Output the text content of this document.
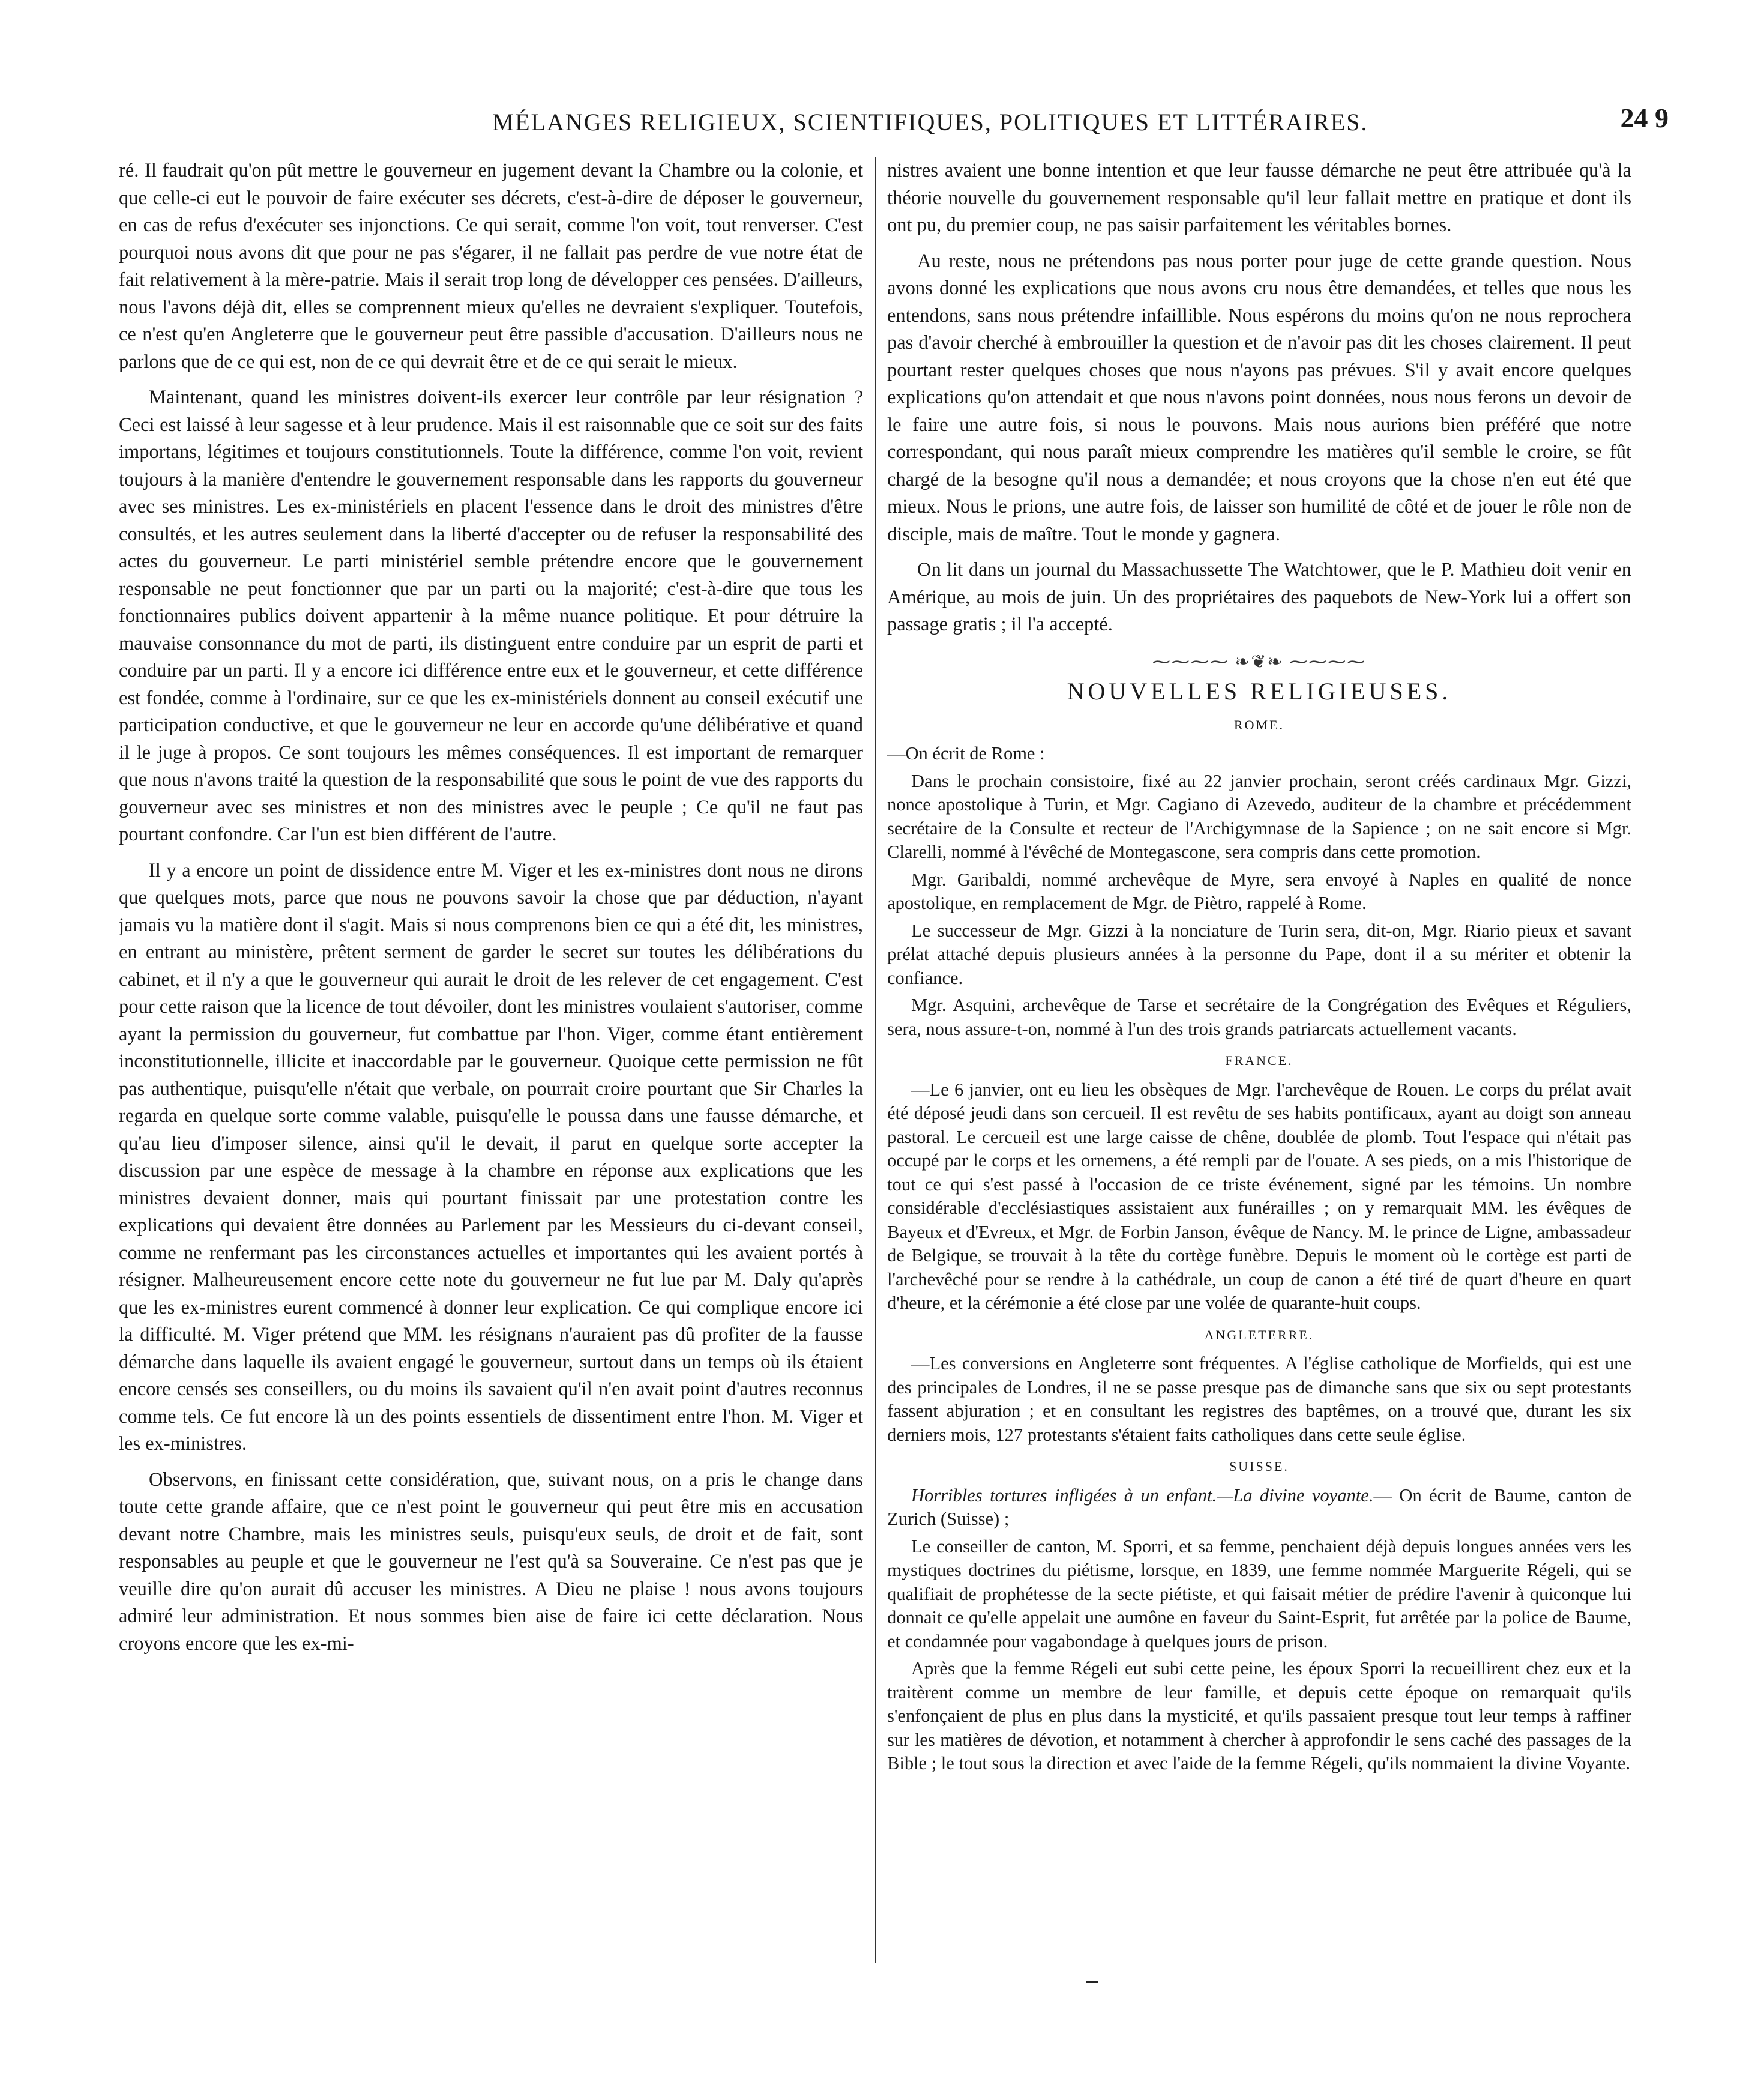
MÉLANGES RELIGIEUX, SCIENTIFIQUES, POLITIQUES ET LITTÉRAIRES.	24 9

ré. Il faudrait qu'on pût mettre le gouverneur en jugement devant la Chambre ou la colonie, et que celle-ci eut le pouvoir de faire exécuter ses décrets, c'est-à-dire de déposer le gouverneur, en cas de refus d'exécuter ses injonctions. Ce qui serait, comme l'on voit, tout renverser. C'est pourquoi nous avons dit que pour ne pas s'égarer, il ne fallait pas perdre de vue notre état de fait relativement à la mère-patrie. Mais il serait trop long de développer ces pensées. D'ailleurs, nous l'avons déjà dit, elles se comprennent mieux qu'elles ne devraient s'expliquer. Toutefois, ce n'est qu'en Angleterre que le gouverneur peut être passible d'accusation. D'ailleurs nous ne parlons que de ce qui est, non de ce qui devrait être et de ce qui serait le mieux.

Maintenant, quand les ministres doivent-ils exercer leur contrôle par leur résignation ? Ceci est laissé à leur sagesse et à leur prudence. Mais il est raisonnable que ce soit sur des faits importans, légitimes et toujours constitutionnels. Toute la différence, comme l'on voit, revient toujours à la manière d'entendre le gouvernement responsable dans les rapports du gouverneur avec ses ministres. Les ex-ministériels en placent l'essence dans le droit des ministres d'être consultés, et les autres seulement dans la liberté d'accepter ou de refuser la responsabilité des actes du gouverneur. Le parti ministériel semble prétendre encore que le gouvernement responsable ne peut fonctionner que par un parti ou la majorité; c'est-à-dire que tous les fonctionnaires publics doivent appartenir à la même nuance politique. Et pour détruire la mauvaise consonnance du mot de parti, ils distinguent entre conduire par un esprit de parti et conduire par un parti. Il y a encore ici différence entre eux et le gouverneur, et cette différence est fondée, comme à l'ordinaire, sur ce que les ex-ministériels donnent au conseil exécutif une participation conductive, et que le gouverneur ne leur en accorde qu'une délibérative et quand il le juge à propos. Ce sont toujours les mêmes conséquences. Il est important de remarquer que nous n'avons traité la question de la responsabilité que sous le point de vue des rapports du gouverneur avec ses ministres et non des ministres avec le peuple ; Ce qu'il ne faut pas pourtant confondre. Car l'un est bien différent de l'autre.

Il y a encore un point de dissidence entre M. Viger et les ex-ministres dont nous ne dirons que quelques mots, parce que nous ne pouvons savoir la chose que par déduction, n'ayant jamais vu la matière dont il s'agit. Mais si nous comprenons bien ce qui a été dit, les ministres, en entrant au ministère, prêtent serment de garder le secret sur toutes les délibérations du cabinet, et il n'y a que le gouverneur qui aurait le droit de les relever de cet engagement. C'est pour cette raison que la licence de tout dévoiler, dont les ministres voulaient s'autoriser, comme ayant la permission du gouverneur, fut combattue par l'hon. Viger, comme étant entièrement inconstitutionnelle, illicite et inaccordable par le gouverneur. Quoique cette permission ne fût pas authentique, puisqu'elle n'était que verbale, on pourrait croire pourtant que Sir Charles la regarda en quelque sorte comme valable, puisqu'elle le poussa dans une fausse démarche, et qu'au lieu d'imposer silence, ainsi qu'il le devait, il parut en quelque sorte accepter la discussion par une espèce de message à la chambre en réponse aux explications que les ministres devaient donner, mais qui pourtant finissait par une protestation contre les explications qui devaient être données au Parlement par les Messieurs du ci-devant conseil, comme ne renfermant pas les circonstances actuelles et importantes qui les avaient portés à résigner. Malheureusement encore cette note du gouverneur ne fut lue par M. Daly qu'après que les ex-ministres eurent commencé à donner leur explication. Ce qui complique encore ici la difficulté. M. Viger prétend que MM. les résignans n'auraient pas dû profiter de la fausse démarche dans laquelle ils avaient engagé le gouverneur, surtout dans un temps où ils étaient encore censés ses conseillers, ou du moins ils savaient qu'il n'en avait point d'autres reconnus comme tels. Ce fut encore là un des points essentiels de dissentiment entre l'hon. M. Viger et les ex-ministres.

Observons, en finissant cette considération, que, suivant nous, on a pris le change dans toute cette grande affaire, que ce n'est point le gouverneur qui peut être mis en accusation devant notre Chambre, mais les ministres seuls, puisqu'eux seuls, de droit et de fait, sont responsables au peuple et que le gouverneur ne l'est qu'à sa Souveraine. Ce n'est pas que je veuille dire qu'on aurait dû accuser les ministres. A Dieu ne plaise ! nous avons toujours admiré leur administration. Et nous sommes bien aise de faire ici cette déclaration. Nous croyons encore que les ex-mi-

nistres avaient une bonne intention et que leur fausse démarche ne peut être attribuée qu'à la théorie nouvelle du gouvernement responsable qu'il leur fallait mettre en pratique et dont ils ont pu, du premier coup, ne pas saisir parfaitement les véritables bornes.

Au reste, nous ne prétendons pas nous porter pour juge de cette grande question. Nous avons donné les explications que nous avons cru nous être demandées, et telles que nous les entendons, sans nous prétendre infaillible. Nous espérons du moins qu'on ne nous reprochera pas d'avoir cherché à embrouiller la question et de n'avoir pas dit les choses clairement. Il peut pourtant rester quelques choses que nous n'ayons pas prévues. S'il y avait encore quelques explications qu'on attendait et que nous n'avons point données, nous nous ferons un devoir de le faire une autre fois, si nous le pouvons. Mais nous aurions bien préféré que notre correspondant, qui nous paraît mieux comprendre les matières qu'il semble le croire, se fût chargé de la besogne qu'il nous a demandée; et nous croyons que la chose n'en eut été que mieux. Nous le prions, une autre fois, de laisser son humilité de côté et de jouer le rôle non de disciple, mais de maître. Tout le monde y gagnera.

On lit dans un journal du Massachussette The Watchtower, que le P. Mathieu doit venir en Amérique, au mois de juin. Un des propriétaires des paquebots de New-York lui a offert son passage gratis ; il l'a accepté.

⁓⁓⁓⁓ ❧❦❧ ⁓⁓⁓⁓
NOUVELLES RELIGIEUSES.
ROME.

—On écrit de Rome :

Dans le prochain consistoire, fixé au 22 janvier prochain, seront créés cardinaux Mgr. Gizzi, nonce apostolique à Turin, et Mgr. Cagiano di Azevedo, auditeur de la chambre et précédemment secrétaire de la Consulte et recteur de l'Archigymnase de la Sapience ; on ne sait encore si Mgr. Clarelli, nommé à l'évêché de Montegascone, sera compris dans cette promotion.

Mgr. Garibaldi, nommé archevêque de Myre, sera envoyé à Naples en qualité de nonce apostolique, en remplacement de Mgr. de Piètro, rappelé à Rome.

Le successeur de Mgr. Gizzi à la nonciature de Turin sera, dit-on, Mgr. Riario pieux et savant prélat attaché depuis plusieurs années à la personne du Pape, dont il a su mériter et obtenir la confiance.

Mgr. Asquini, archevêque de Tarse et secrétaire de la Congrégation des Evêques et Réguliers, sera, nous assure-t-on, nommé à l'un des trois grands patriarcats actuellement vacants.

FRANCE.

—Le 6 janvier, ont eu lieu les obsèques de Mgr. l'archevêque de Rouen. Le corps du prélat avait été déposé jeudi dans son cercueil. Il est revêtu de ses habits pontificaux, ayant au doigt son anneau pastoral. Le cercueil est une large caisse de chêne, doublée de plomb. Tout l'espace qui n'était pas occupé par le corps et les ornemens, a été rempli par de l'ouate. A ses pieds, on a mis l'historique de tout ce qui s'est passé à l'occasion de ce triste événement, signé par les témoins. Un nombre considérable d'ecclésiastiques assistaient aux funérailles ; on y remarquait MM. les évêques de Bayeux et d'Evreux, et Mgr. de Forbin Janson, évêque de Nancy. M. le prince de Ligne, ambassadeur de Belgique, se trouvait à la tête du cortège funèbre. Depuis le moment où le cortège est parti de l'archevêché pour se rendre à la cathédrale, un coup de canon a été tiré de quart d'heure en quart d'heure, et la cérémonie a été close par une volée de quarante-huit coups.

ANGLETERRE.

—Les conversions en Angleterre sont fréquentes. A l'église catholique de Morfields, qui est une des principales de Londres, il ne se passe presque pas de dimanche sans que six ou sept protestants fassent abjuration ; et en consultant les registres des baptêmes, on a trouvé que, durant les six derniers mois, 127 protestants s'étaient faits catholiques dans cette seule église.

SUISSE.

Horribles tortures infligées à un enfant.—La divine voyante.— On écrit de Baume, canton de Zurich (Suisse) ;

Le conseiller de canton, M. Sporri, et sa femme, penchaient déjà depuis longues années vers les mystiques doctrines du piétisme, lorsque, en 1839, une femme nommée Marguerite Régeli, qui se qualifiait de prophétesse de la secte piétiste, et qui faisait métier de prédire l'avenir à quiconque lui donnait ce qu'elle appelait une aumône en faveur du Saint-Esprit, fut arrêtée par la police de Baume, et condamnée pour vagabondage à quelques jours de prison.

Après que la femme Régeli eut subi cette peine, les époux Sporri la recueillirent chez eux et la traitèrent comme un membre de leur famille, et depuis cette époque on remarquait qu'ils s'enfonçaient de plus en plus dans la mysticité, et qu'ils passaient presque tout leur temps à raffiner sur les matières de dévotion, et notamment à chercher à approfondir le sens caché des passages de la Bible ; le tout sous la direction et avec l'aide de la femme Régeli, qu'ils nommaient la divine Voyante.
